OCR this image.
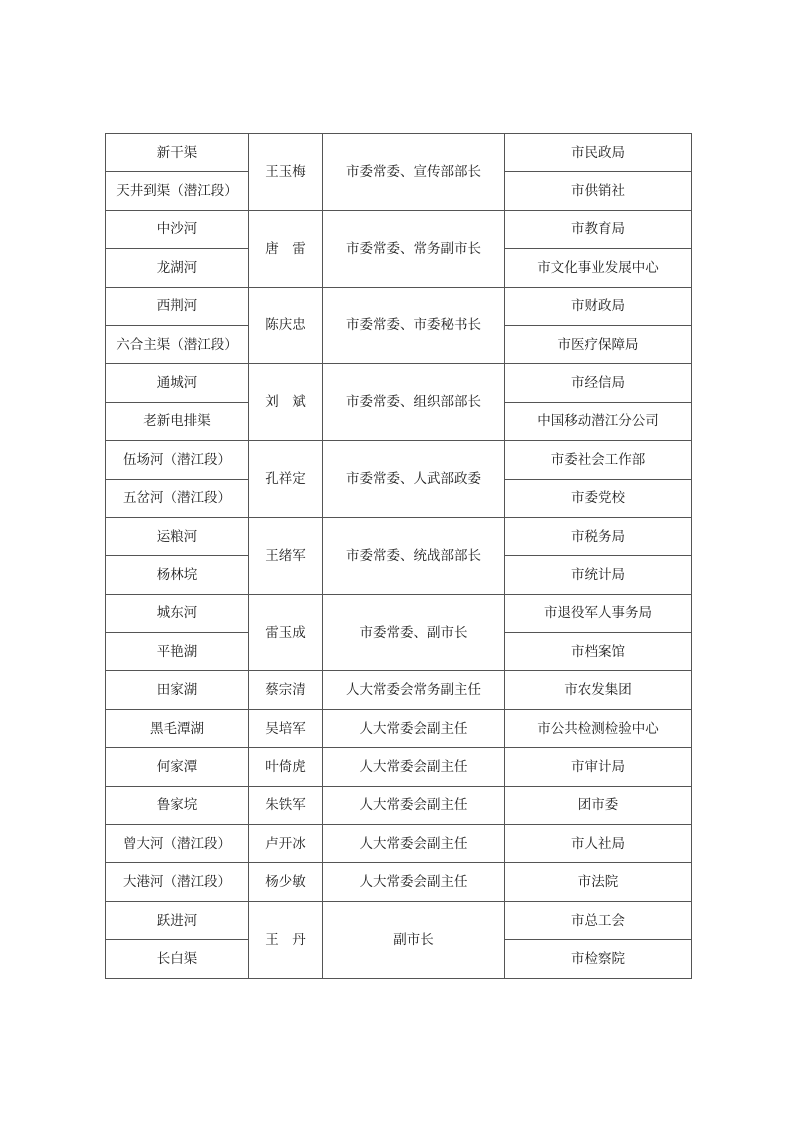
新干渠	王玉梅	市委常委、宣传部部长	市民政局
天井到渠（潜江段）			市供销社
中沙河	唐　雷	市委常委、常务副市长	市教育局
龙湖河			市文化事业发展中心
西荆河	陈庆忠	市委常委、市委秘书长	市财政局
六合主渠（潜江段）			市医疗保障局
通城河	刘　斌	市委常委、组织部部长	市经信局
老新电排渠			中国移动潜江分公司
伍场河（潜江段）	孔祥定	市委常委、人武部政委	市委社会工作部
五岔河（潜江段）			市委党校
运粮河	王绪军	市委常委、统战部部长	市税务局
杨林垸			市统计局
城东河	雷玉成	市委常委、副市长	市退役军人事务局
平艳湖			市档案馆
田家湖	蔡宗清	人大常委会常务副主任	市农发集团
黑毛潭湖	吴培军	人大常委会副主任	市公共检测检验中心
何家潭	叶倚虎	人大常委会副主任	市审计局
鲁家垸	朱铁军	人大常委会副主任	团市委
曾大河（潜江段）	卢开冰	人大常委会副主任	市人社局
大港河（潜江段）	杨少敏	人大常委会副主任	市法院
跃进河	王　丹	副市长	市总工会
长白渠			市检察院
